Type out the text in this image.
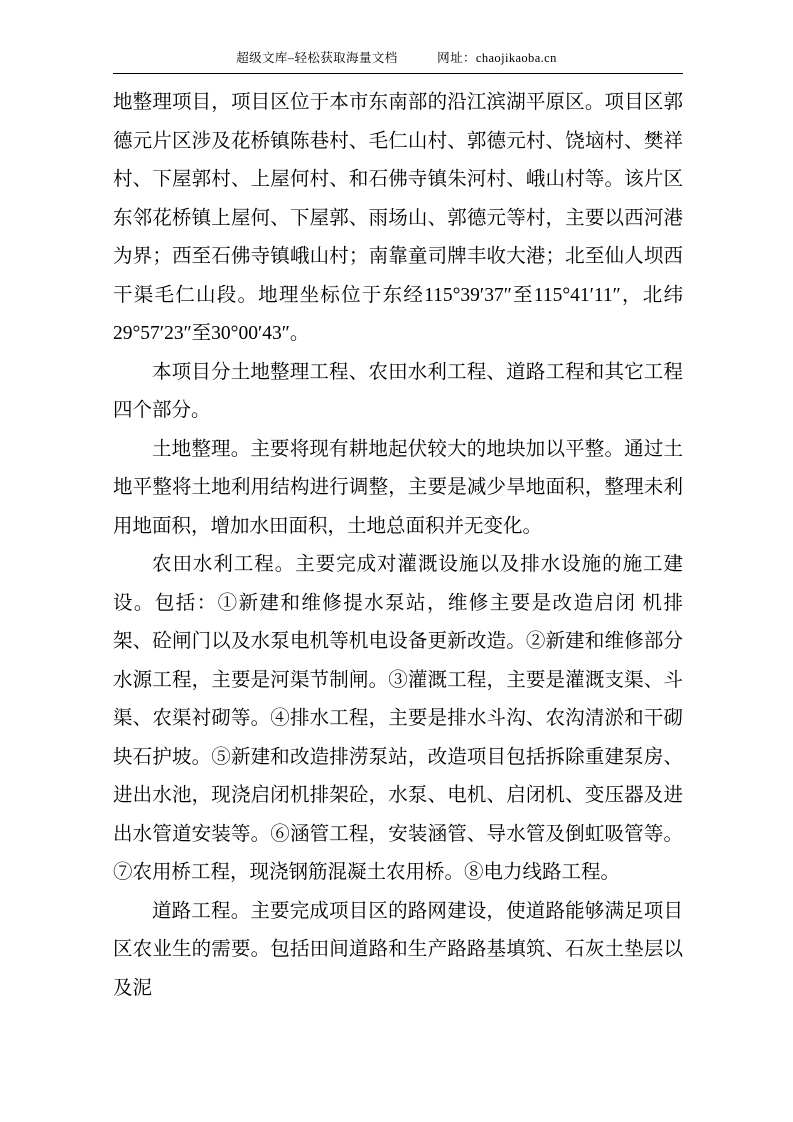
超级文库–轻松获取海量文档	网址：chaojikaoba.cn

地整理项目，项目区位于本市东南部的沿江滨湖平原区。项目区郭德元片区涉及花桥镇陈巷村、毛仁山村、郭德元村、饶垴村、樊祥村、下屋郭村、上屋何村、和石佛寺镇朱河村、峨山村等。该片区东邻花桥镇上屋何、下屋郭、雨场山、郭德元等村，主要以西河港为界；西至石佛寺镇峨山村；南靠童司牌丰收大港；北至仙人坝西干渠毛仁山段。地理坐标位于东经115°39′37″至115°41′11″，北纬29°57′23″至30°00′43″。

本项目分土地整理工程、农田水利工程、道路工程和其它工程四个部分。

土地整理。主要将现有耕地起伏较大的地块加以平整。通过土地平整将土地利用结构进行调整，主要是减少旱地面积，整理未利用地面积，增加水田面积，土地总面积并无变化。

农田水利工程。主要完成对灌溉设施以及排水设施的施工建设。包括：①新建和维修提水泵站，维修主要是改造启闭 机排架、砼闸门以及水泵电机等机电设备更新改造。②新建和维修部分水源工程，主要是河渠节制闸。③灌溉工程，主要是灌溉支渠、斗渠、农渠衬砌等。④排水工程，主要是排水斗沟、农沟清淤和干砌块石护坡。⑤新建和改造排涝泵站，改造项目包括拆除重建泵房、进出水池，现浇启闭机排架砼，水泵、电机、启闭机、变压器及进出水管道安装等。⑥涵管工程，安装涵管、导水管及倒虹吸管等。⑦农用桥工程，现浇钢筋混凝土农用桥。⑧电力线路工程。

道路工程。主要完成项目区的路网建设，使道路能够满足项目区农业生的需要。包括田间道路和生产路路基填筑、石灰土垫层以及泥
